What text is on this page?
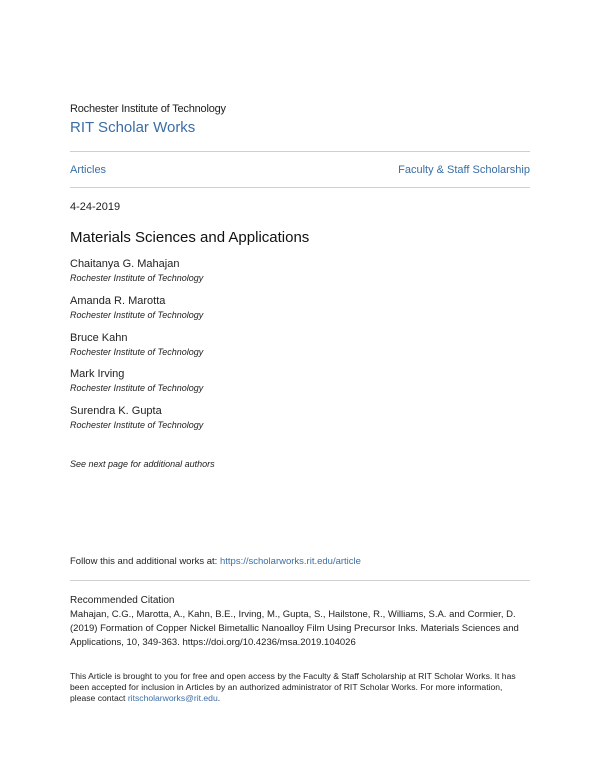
Rochester Institute of Technology
RIT Scholar Works
Articles	Faculty & Staff Scholarship
4-24-2019
Materials Sciences and Applications
Chaitanya G. Mahajan
Rochester Institute of Technology
Amanda R. Marotta
Rochester Institute of Technology
Bruce Kahn
Rochester Institute of Technology
Mark Irving
Rochester Institute of Technology
Surendra K. Gupta
Rochester Institute of Technology
See next page for additional authors
Follow this and additional works at: https://scholarworks.rit.edu/article
Recommended Citation
Mahajan, C.G., Marotta, A., Kahn, B.E., Irving, M., Gupta, S., Hailstone, R., Williams, S.A. and Cormier, D. (2019) Formation of Copper Nickel Bimetallic Nanoalloy Film Using Precursor Inks. Materials Sciences and Applications, 10, 349-363. https://doi.org/10.4236/msa.2019.104026
This Article is brought to you for free and open access by the Faculty & Staff Scholarship at RIT Scholar Works. It has been accepted for inclusion in Articles by an authorized administrator of RIT Scholar Works. For more information, please contact ritscholarworks@rit.edu.
